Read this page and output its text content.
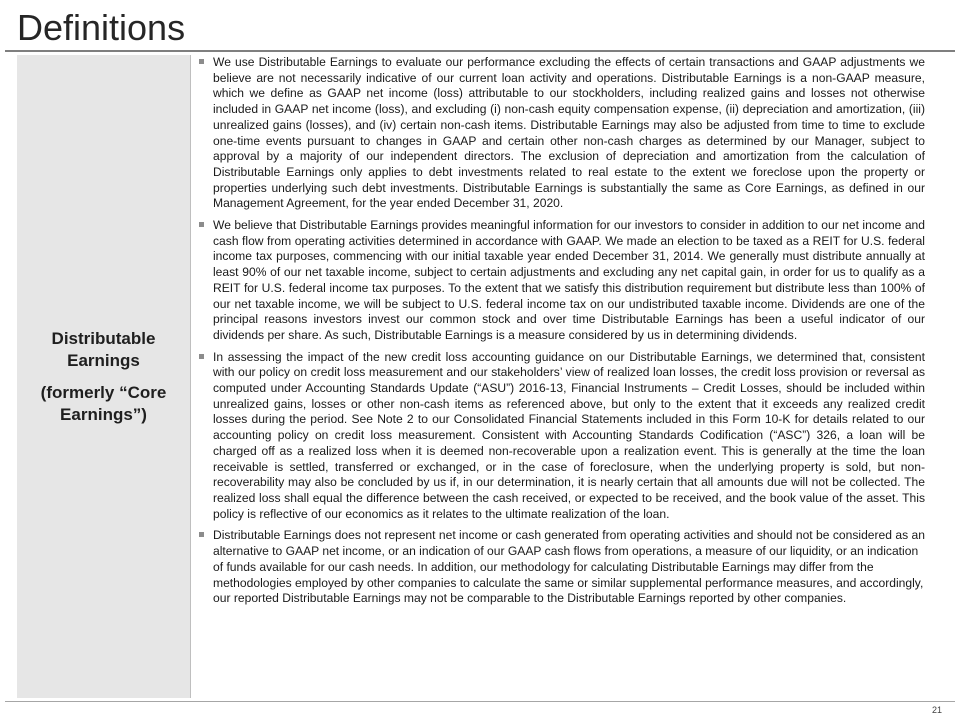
Definitions
Distributable Earnings
(formerly “Core Earnings”)
We use Distributable Earnings to evaluate our performance excluding the effects of certain transactions and GAAP adjustments we believe are not necessarily indicative of our current loan activity and operations. Distributable Earnings is a non-GAAP measure, which we define as GAAP net income (loss) attributable to our stockholders, including realized gains and losses not otherwise included in GAAP net income (loss), and excluding (i) non-cash equity compensation expense, (ii) depreciation and amortization, (iii) unrealized gains (losses), and (iv) certain non-cash items. Distributable Earnings may also be adjusted from time to time to exclude one-time events pursuant to changes in GAAP and certain other non-cash charges as determined by our Manager, subject to approval by a majority of our independent directors. The exclusion of depreciation and amortization from the calculation of Distributable Earnings only applies to debt investments related to real estate to the extent we foreclose upon the property or properties underlying such debt investments. Distributable Earnings is substantially the same as Core Earnings, as defined in our Management Agreement, for the year ended December 31, 2020.
We believe that Distributable Earnings provides meaningful information for our investors to consider in addition to our net income and cash flow from operating activities determined in accordance with GAAP. We made an election to be taxed as a REIT for U.S. federal income tax purposes, commencing with our initial taxable year ended December 31, 2014. We generally must distribute annually at least 90% of our net taxable income, subject to certain adjustments and excluding any net capital gain, in order for us to qualify as a REIT for U.S. federal income tax purposes. To the extent that we satisfy this distribution requirement but distribute less than 100% of our net taxable income, we will be subject to U.S. federal income tax on our undistributed taxable income. Dividends are one of the principal reasons investors invest our common stock and over time Distributable Earnings has been a useful indicator of our dividends per share. As such, Distributable Earnings is a measure considered by us in determining dividends.
In assessing the impact of the new credit loss accounting guidance on our Distributable Earnings, we determined that, consistent with our policy on credit loss measurement and our stakeholders’ view of realized loan losses, the credit loss provision or reversal as computed under Accounting Standards Update (“ASU”) 2016-13, Financial Instruments – Credit Losses, should be included within unrealized gains, losses or other non-cash items as referenced above, but only to the extent that it exceeds any realized credit losses during the period. See Note 2 to our Consolidated Financial Statements included in this Form 10-K for details related to our accounting policy on credit loss measurement. Consistent with Accounting Standards Codification (“ASC”) 326, a loan will be charged off as a realized loss when it is deemed non-recoverable upon a realization event. This is generally at the time the loan receivable is settled, transferred or exchanged, or in the case of foreclosure, when the underlying property is sold, but non-recoverability may also be concluded by us if, in our determination, it is nearly certain that all amounts due will not be collected. The realized loss shall equal the difference between the cash received, or expected to be received, and the book value of the asset. This policy is reflective of our economics as it relates to the ultimate realization of the loan.
Distributable Earnings does not represent net income or cash generated from operating activities and should not be considered as an alternative to GAAP net income, or an indication of our GAAP cash flows from operations, a measure of our liquidity, or an indication of funds available for our cash needs. In addition, our methodology for calculating Distributable Earnings may differ from the methodologies employed by other companies to calculate the same or similar supplemental performance measures, and accordingly, our reported Distributable Earnings may not be comparable to the Distributable Earnings reported by other companies.
21
